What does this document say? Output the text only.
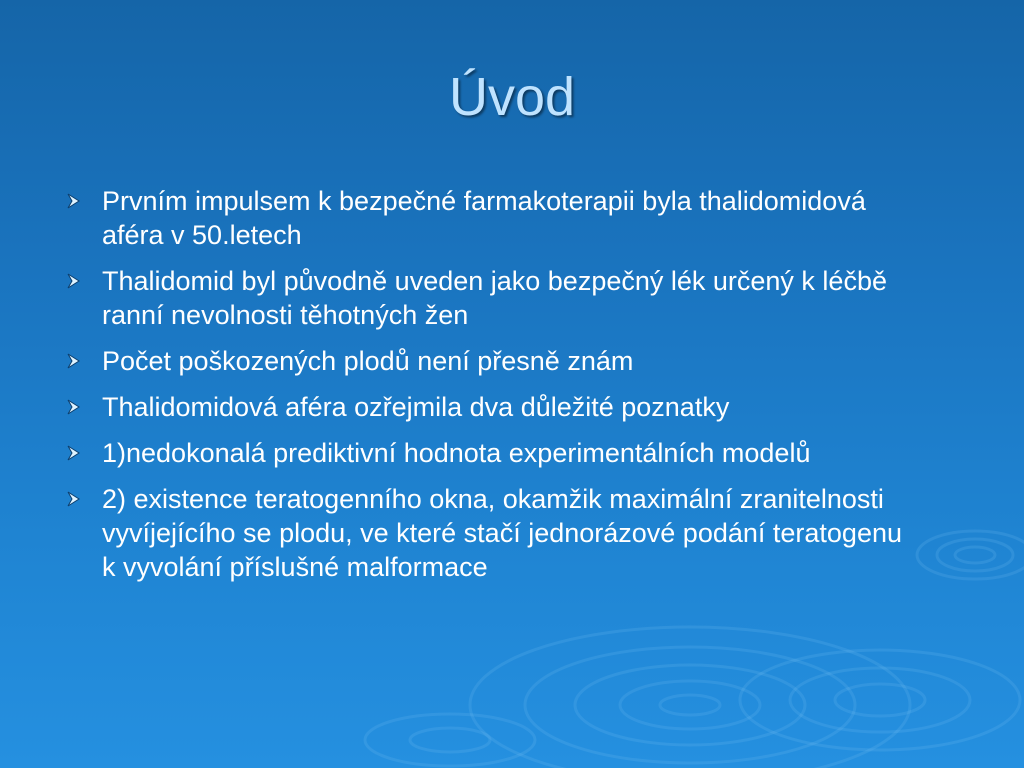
Úvod
Prvním impulsem k bezpečné farmakoterapii byla thalidomidová aféra v 50.letech
Thalidomid byl původně uveden jako bezpečný lék určený k léčbě ranní nevolnosti těhotných žen
Počet poškozených plodů není přesně znám
Thalidomidová aféra ozřejmila dva důležité poznatky
1)nedokonalá prediktivní hodnota experimentálních modelů
2) existence teratogenního okna, okamžik maximální zranitelnosti vyvíjejícího se plodu, ve které stačí jednorázové podání teratogenu k vyvolání příslušné malformace
